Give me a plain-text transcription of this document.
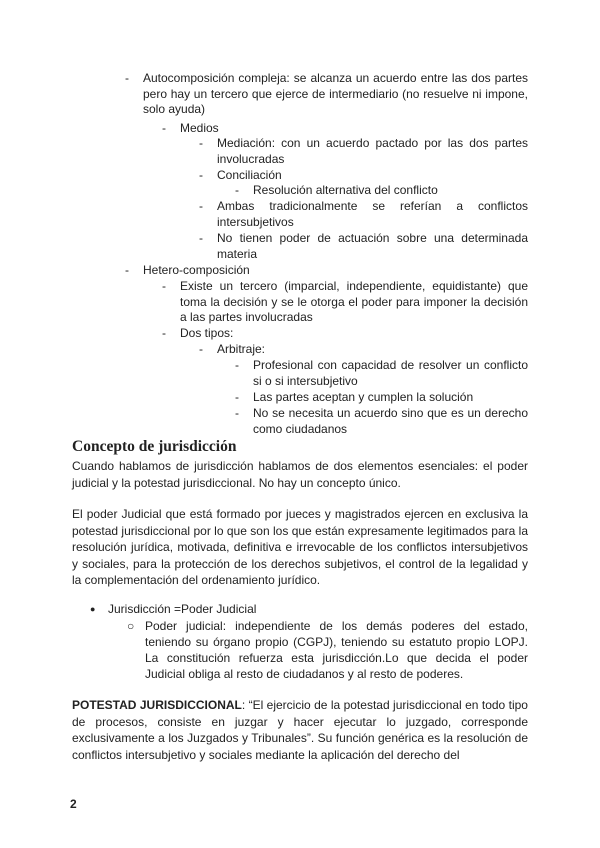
-	Autocomposición compleja: se alcanza un acuerdo entre las dos partes pero hay un tercero que ejerce de intermediario (no resuelve ni impone, solo ayuda)
-	Medios
-	Mediación: con un acuerdo pactado por las dos partes involucradas
-	Conciliación
-	Resolución alternativa del conflicto
-	Ambas tradicionalmente se referían a conflictos intersubjetivos
-	No tienen poder de actuación sobre una determinada materia
-	Hetero-composición
-	Existe un tercero (imparcial, independiente, equidistante) que toma la decisión y se le otorga el poder para imponer la decisión a las partes involucradas
-	Dos tipos:
-	Arbitraje:
-	Profesional con capacidad de resolver un conflicto si o si intersubjetivo
-	Las partes aceptan y cumplen la solución
-	No se necesita un acuerdo sino que es un derecho como ciudadanos
Concepto de jurisdicción
Cuando hablamos de jurisdicción hablamos de dos elementos esenciales: el poder judicial y la potestad jurisdiccional. No hay un concepto único.
El poder Judicial que está formado por jueces y magistrados ejercen en exclusiva la potestad jurisdiccional por lo que son los que están expresamente legitimados para la resolución jurídica, motivada, definitiva e irrevocable de los conflictos intersubjetivos y sociales, para la protección de los derechos subjetivos, el control de la legalidad y la complementación del ordenamiento jurídico.
●	Jurisdicción =Poder Judicial
○ Poder judicial: independiente de los demás poderes del estado, teniendo su órgano propio (CGPJ), teniendo su estatuto propio LOPJ. La constitución refuerza esta jurisdicción.Lo que decida el poder Judicial obliga al resto de ciudadanos y al resto de poderes.
POTESTAD JURISDICCIONAL: “El ejercicio de la potestad jurisdiccional en todo tipo de procesos, consiste en juzgar y hacer ejecutar lo juzgado, corresponde exclusivamente a los Juzgados y Tribunales”. Su función genérica es la resolución de conflictos intersubjetivo y sociales mediante la aplicación del derecho del
2
